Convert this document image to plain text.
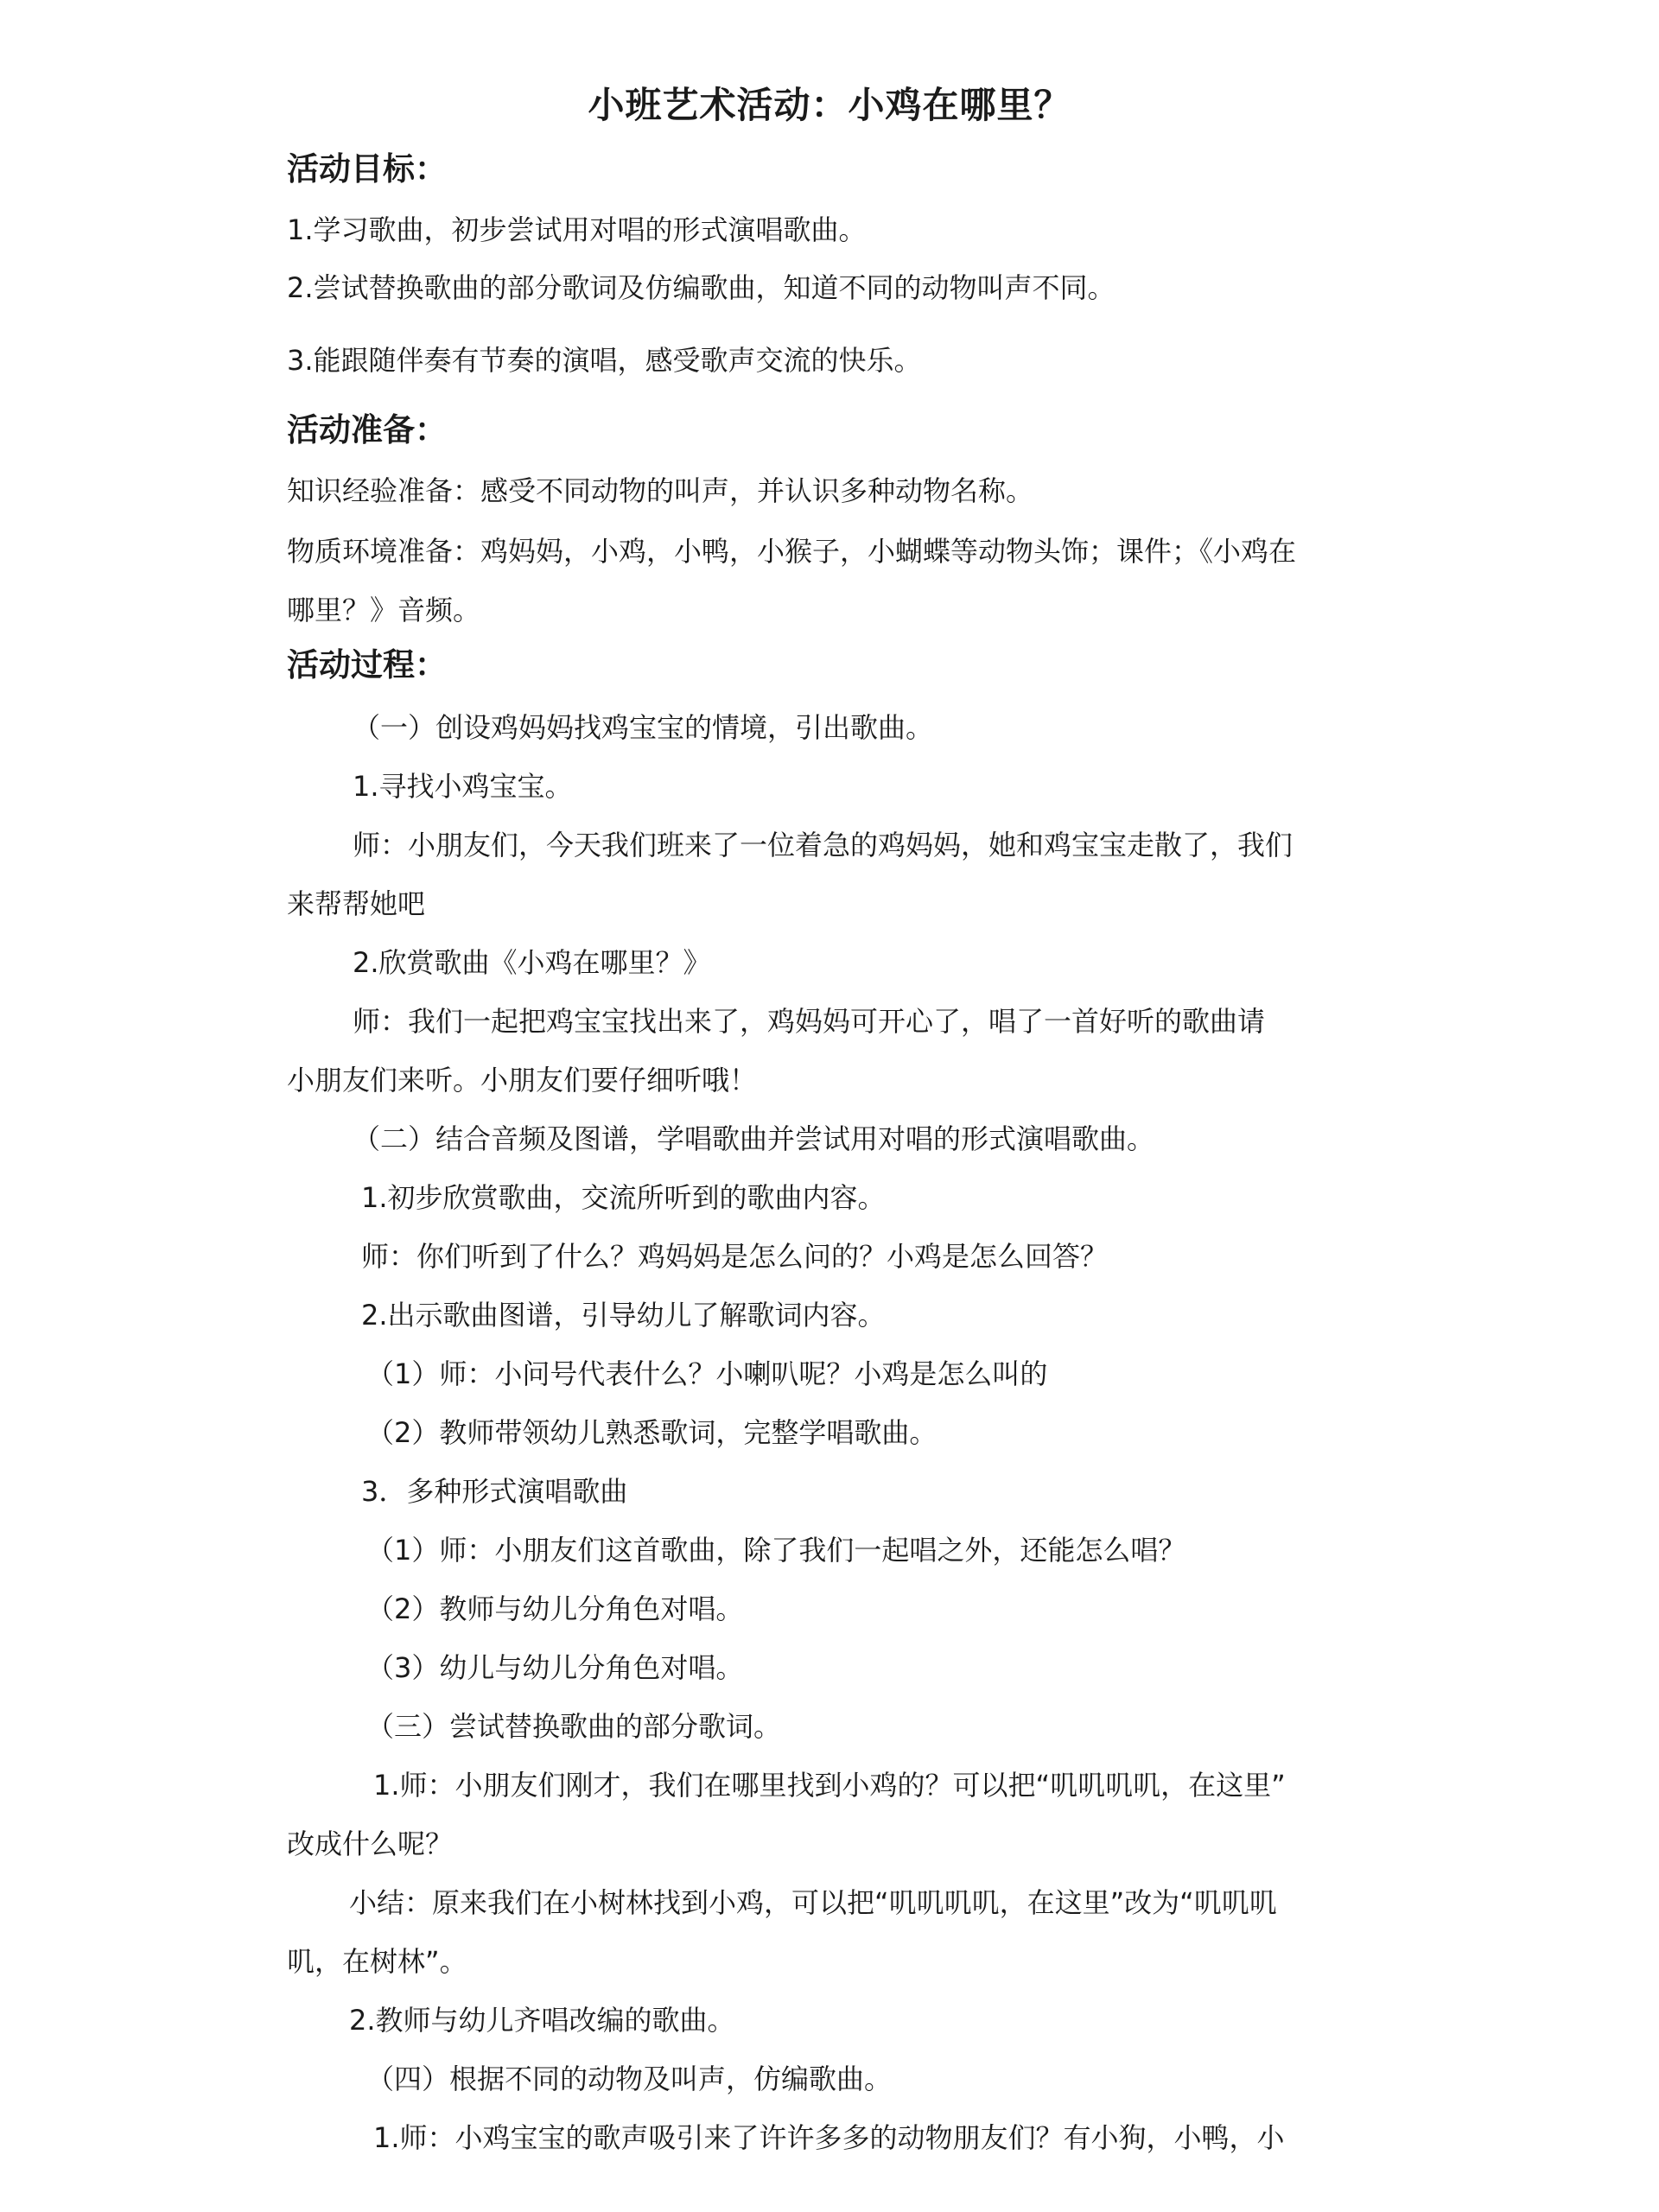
小班艺术活动：小鸡在哪里？
活动目标：
1.学习歌曲，初步尝试用对唱的形式演唱歌曲。
2.尝试替换歌曲的部分歌词及仿编歌曲，知道不同的动物叫声不同。
3.能跟随伴奏有节奏的演唱，感受歌声交流的快乐。
活动准备：
知识经验准备：感受不同动物的叫声，并认识多种动物名称。
物质环境准备：鸡妈妈，小鸡，小鸭，小猴子，小蝴蝶等动物头饰；课件；《小鸡在
哪里？》音频。
活动过程：
（一）创设鸡妈妈找鸡宝宝的情境，引出歌曲。
1.寻找小鸡宝宝。
师：小朋友们，今天我们班来了一位着急的鸡妈妈，她和鸡宝宝走散了，我们
来帮帮她吧
2.欣赏歌曲《小鸡在哪里？》
师：我们一起把鸡宝宝找出来了，鸡妈妈可开心了，唱了一首好听的歌曲请
小朋友们来听。小朋友们要仔细听哦！
（二）结合音频及图谱，学唱歌曲并尝试用对唱的形式演唱歌曲。
1.初步欣赏歌曲，交流所听到的歌曲内容。
师：你们听到了什么？鸡妈妈是怎么问的？小鸡是怎么回答？
2.出示歌曲图谱，引导幼儿了解歌词内容。
（1）师：小问号代表什么？小喇叭呢？小鸡是怎么叫的
（2）教师带领幼儿熟悉歌词，完整学唱歌曲。
3．多种形式演唱歌曲
（1）师：小朋友们这首歌曲，除了我们一起唱之外，还能怎么唱？
（2）教师与幼儿分角色对唱。
（3）幼儿与幼儿分角色对唱。
（三）尝试替换歌曲的部分歌词。
1.师：小朋友们刚才，我们在哪里找到小鸡的？可以把“叽叽叽叽，在这里”
改成什么呢？
小结：原来我们在小树林找到小鸡，可以把“叽叽叽叽，在这里”改为“叽叽叽
叽，在树林”。
2.教师与幼儿齐唱改编的歌曲。
（四）根据不同的动物及叫声，仿编歌曲。
1.师：小鸡宝宝的歌声吸引来了许许多多的动物朋友们？有小狗，小鸭，小
